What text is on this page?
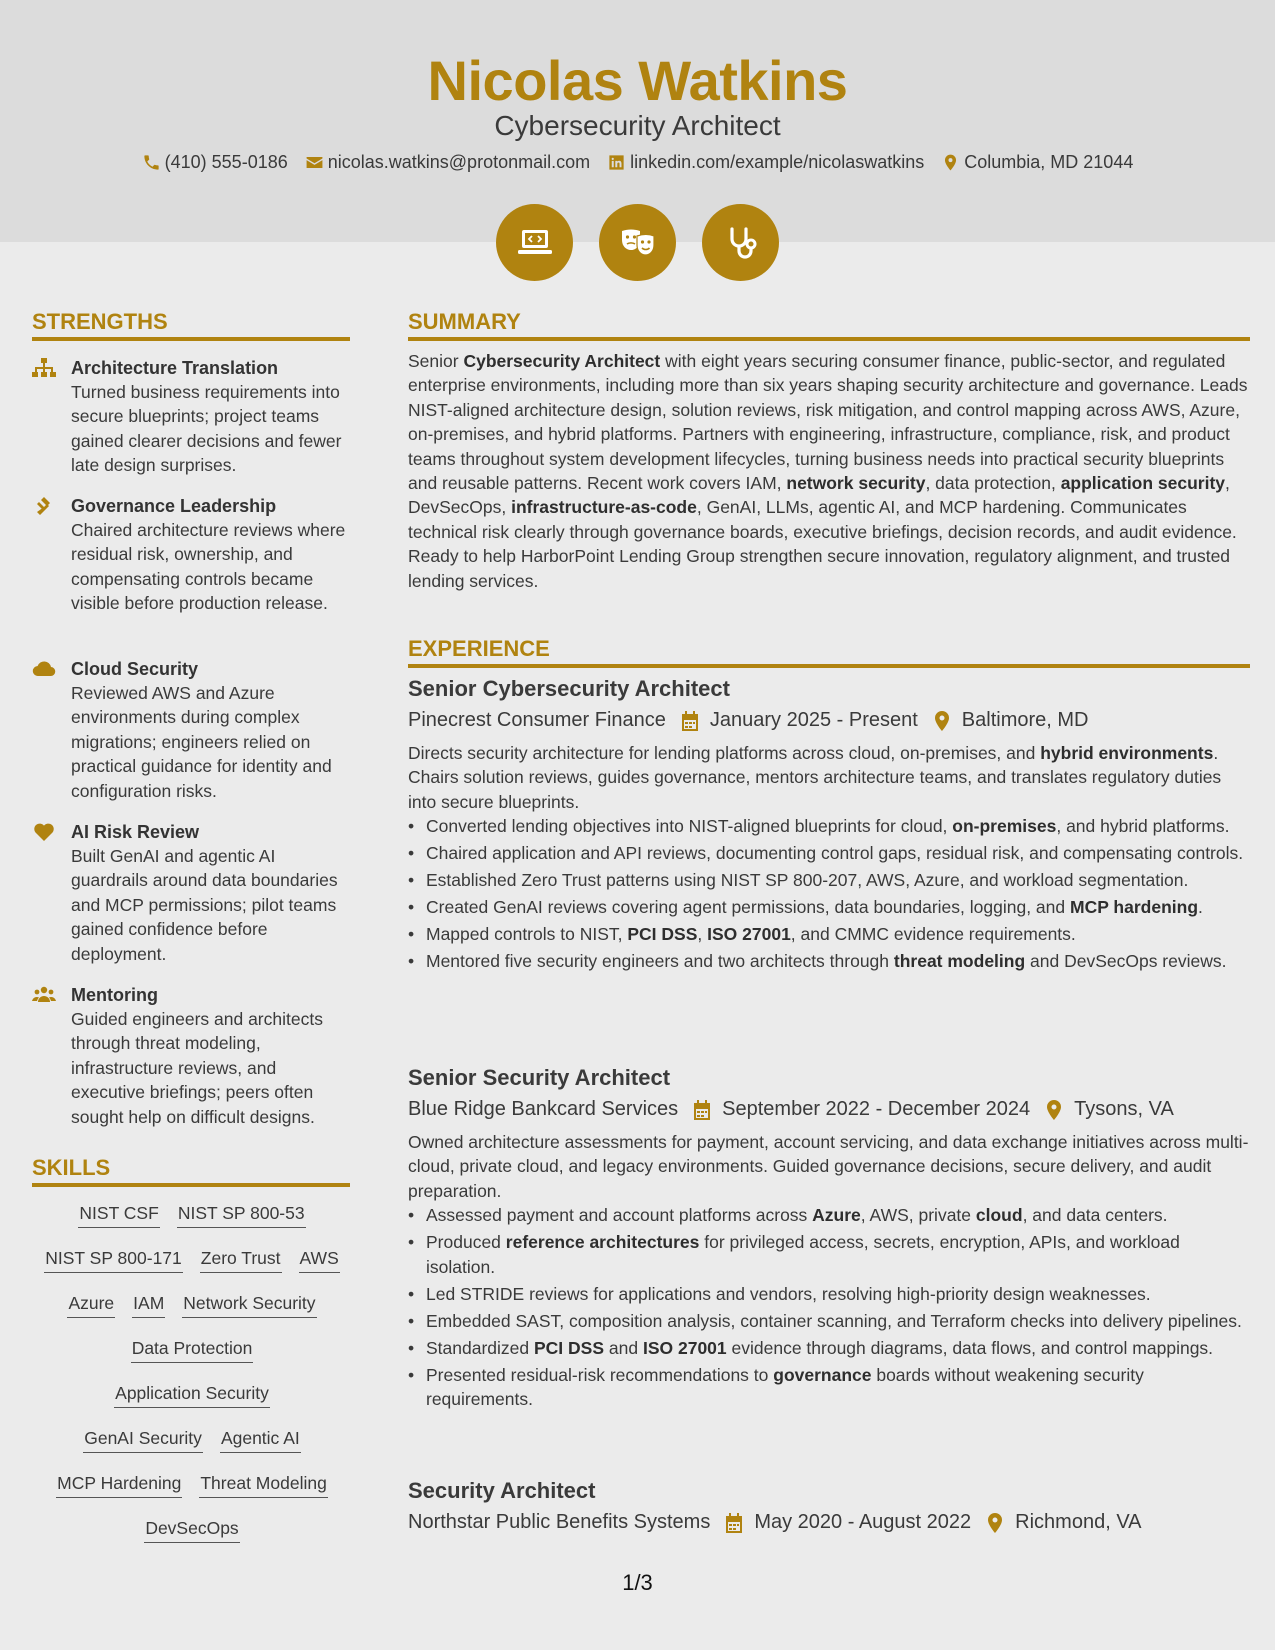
Nicolas Watkins
Cybersecurity Architect
(410) 555-0186 nicolas.watkins@protonmail.com linkedin.com/example/nicolaswatkins Columbia, MD 21044
STRENGTHS
Architecture Translation
Turned business requirements into secure blueprints; project teams gained clearer decisions and fewer late design surprises.
Governance Leadership
Chaired architecture reviews where residual risk, ownership, and compensating controls became visible before production release.
Cloud Security
Reviewed AWS and Azure environments during complex migrations; engineers relied on practical guidance for identity and configuration risks.
AI Risk Review
Built GenAI and agentic AI guardrails around data boundaries and MCP permissions; pilot teams gained confidence before deployment.
Mentoring
Guided engineers and architects through threat modeling, infrastructure reviews, and executive briefings; peers often sought help on difficult designs.
SKILLS
NIST CSF NIST SP 800-53
NIST SP 800-171 Zero Trust AWS
Azure IAM Network Security
Data Protection
Application Security
GenAI Security Agentic AI
MCP Hardening Threat Modeling
DevSecOps
SUMMARY
Senior Cybersecurity Architect with eight years securing consumer finance, public-sector, and regulated enterprise environments, including more than six years shaping security architecture and governance. Leads NIST-aligned architecture design, solution reviews, risk mitigation, and control mapping across AWS, Azure, on-premises, and hybrid platforms. Partners with engineering, infrastructure, compliance, risk, and product teams throughout system development lifecycles, turning business needs into practical security blueprints and reusable patterns. Recent work covers IAM, network security, data protection, application security, DevSecOps, infrastructure-as-code, GenAI, LLMs, agentic AI, and MCP hardening. Communicates technical risk clearly through governance boards, executive briefings, decision records, and audit evidence. Ready to help HarborPoint Lending Group strengthen secure innovation, regulatory alignment, and trusted lending services.
EXPERIENCE
Senior Cybersecurity Architect
Pinecrest Consumer Finance January 2025 - Present Baltimore, MD
Directs security architecture for lending platforms across cloud, on-premises, and hybrid environments. Chairs solution reviews, guides governance, mentors architecture teams, and translates regulatory duties into secure blueprints.
• Converted lending objectives into NIST-aligned blueprints for cloud, on-premises, and hybrid platforms.
• Chaired application and API reviews, documenting control gaps, residual risk, and compensating controls.
• Established Zero Trust patterns using NIST SP 800-207, AWS, Azure, and workload segmentation.
• Created GenAI reviews covering agent permissions, data boundaries, logging, and MCP hardening.
• Mapped controls to NIST, PCI DSS, ISO 27001, and CMMC evidence requirements.
• Mentored five security engineers and two architects through threat modeling and DevSecOps reviews.
Senior Security Architect
Blue Ridge Bankcard Services September 2022 - December 2024 Tysons, VA
Owned architecture assessments for payment, account servicing, and data exchange initiatives across multi-cloud, private cloud, and legacy environments. Guided governance decisions, secure delivery, and audit preparation.
• Assessed payment and account platforms across Azure, AWS, private cloud, and data centers.
• Produced reference architectures for privileged access, secrets, encryption, APIs, and workload isolation.
• Led STRIDE reviews for applications and vendors, resolving high-priority design weaknesses.
• Embedded SAST, composition analysis, container scanning, and Terraform checks into delivery pipelines.
• Standardized PCI DSS and ISO 27001 evidence through diagrams, data flows, and control mappings.
• Presented residual-risk recommendations to governance boards without weakening security requirements.
Security Architect
Northstar Public Benefits Systems May 2020 - August 2022 Richmond, VA
1/3
